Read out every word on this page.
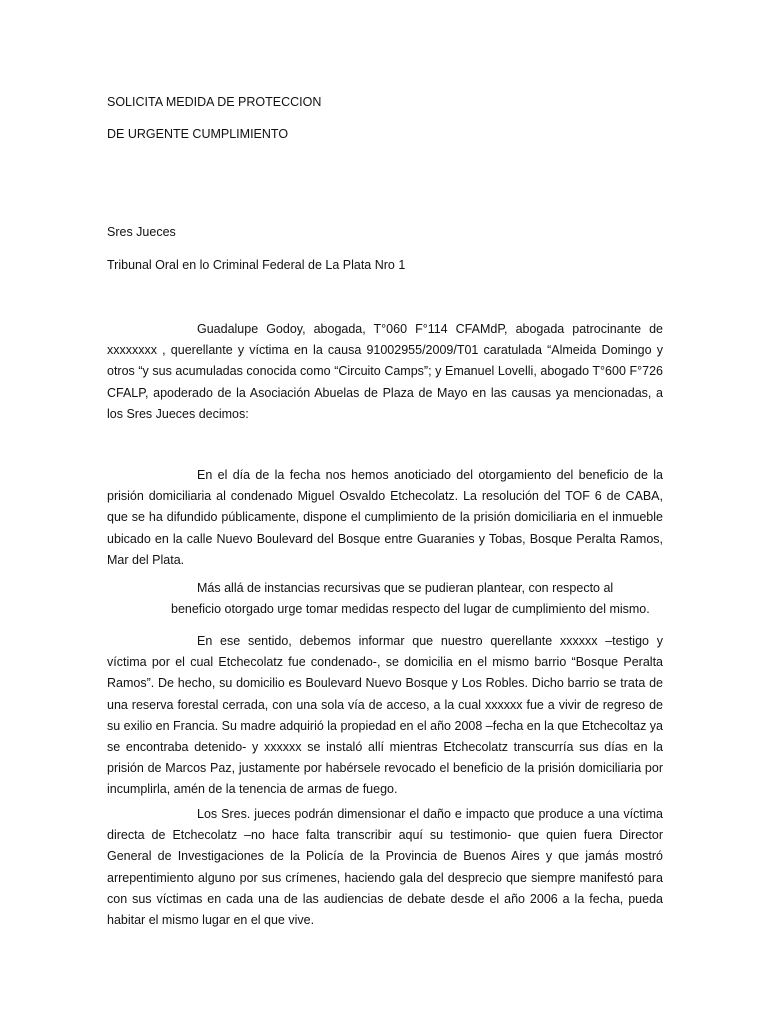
SOLICITA MEDIDA DE PROTECCION
DE URGENTE CUMPLIMIENTO
Sres Jueces
Tribunal Oral en lo Criminal Federal de La Plata Nro 1

Guadalupe Godoy, abogada, T°060 F°114 CFAMdP, abogada patrocinante de xxxxxxxx , querellante y víctima en la causa 91002955/2009/T01 caratulada “Almeida Domingo y otros “y sus acumuladas conocida como “Circuito Camps”; y Emanuel Lovelli, abogado T°600 F°726 CFALP, apoderado de la Asociación Abuelas de Plaza de Mayo en las causas ya mencionadas, a los Sres Jueces decimos:

En el día de la fecha nos hemos anoticiado del otorgamiento del beneficio de la prisión domiciliaria al condenado Miguel Osvaldo Etchecolatz. La resolución del TOF 6 de CABA, que se ha difundido públicamente, dispone el cumplimiento de la prisión domiciliaria en el inmueble ubicado en la calle Nuevo Boulevard del Bosque entre Guaranies y Tobas, Bosque Peralta Ramos, Mar del Plata.

Más allá de instancias recursivas que se pudieran plantear, con respecto al
beneficio otorgado urge tomar medidas respecto del lugar de cumplimiento del mismo.

En ese sentido, debemos informar que nuestro querellante xxxxxx –testigo y víctima por el cual Etchecolatz fue condenado-, se domicilia en el mismo barrio “Bosque Peralta Ramos”. De hecho, su domicilio es Boulevard Nuevo Bosque y Los Robles. Dicho barrio se trata de una reserva forestal cerrada, con una sola vía de acceso, a la cual xxxxxx fue a vivir de regreso de su exilio en Francia. Su madre adquirió la propiedad en el año 2008 –fecha en la que Etchecoltaz ya se encontraba detenido- y xxxxxx se instaló allí mientras Etchecolatz transcurría sus días en la prisión de Marcos Paz, justamente por habérsele revocado el beneficio de la prisión domiciliaria por incumplirla, amén de la tenencia de armas de fuego.

Los Sres. jueces podrán dimensionar el daño e impacto que produce a una víctima directa de Etchecolatz –no hace falta transcribir aquí su testimonio- que quien fuera Director General de Investigaciones de la Policía de la Provincia de Buenos Aires y que jamás mostró arrepentimiento alguno por sus crímenes, haciendo gala del desprecio que siempre manifestó para con sus víctimas en cada una de las audiencias de debate desde el año 2006 a la fecha, pueda habitar el mismo lugar en el que vive.
